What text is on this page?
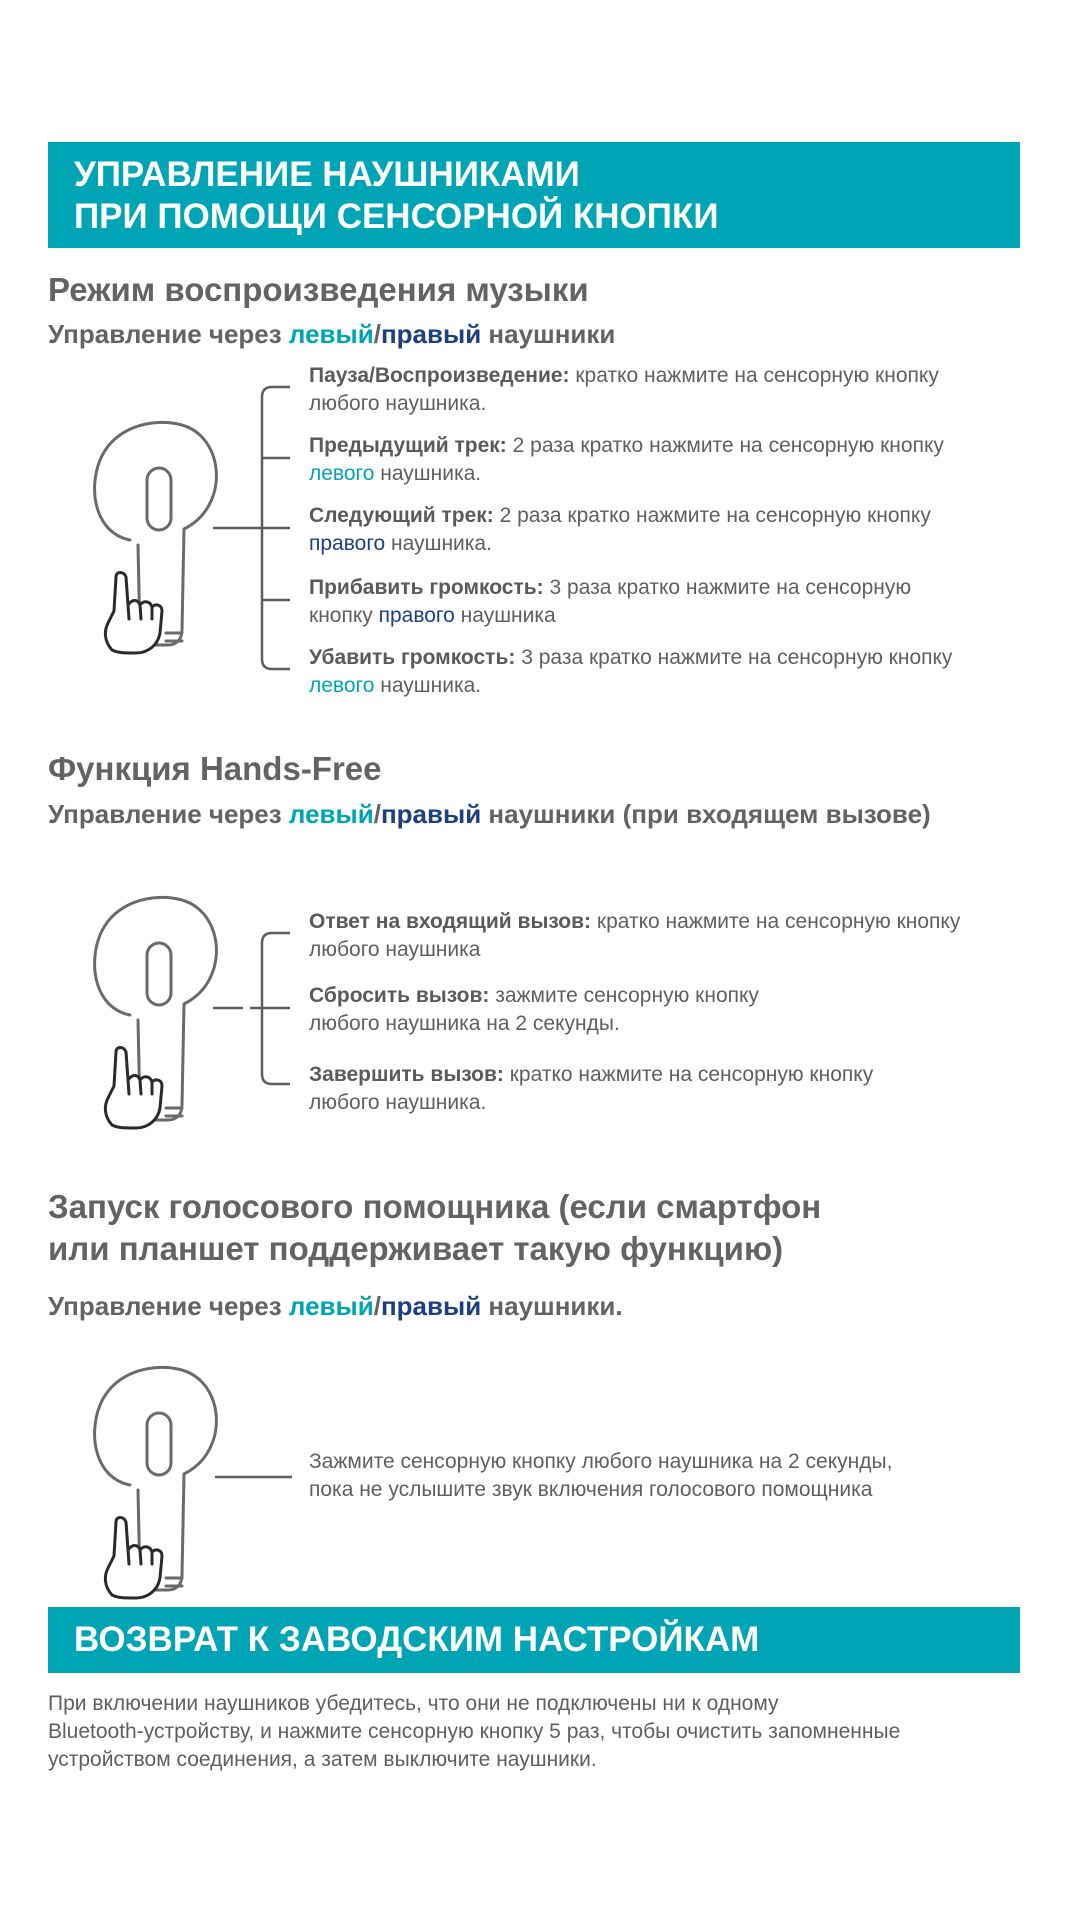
УПРАВЛЕНИЕ НАУШНИКАМИ
ПРИ ПОМОЩИ СЕНСОРНОЙ КНОПКИ
Режим воспроизведения музыки
Управление через левый/правый наушники
Пауза/Воспроизведение: кратко нажмите на сенсорную кнопку
любого наушника.
Предыдущий трек: 2 раза кратко нажмите на сенсорную кнопку
левого наушника.
Следующий трек: 2 раза кратко нажмите на сенсорную кнопку
правого наушника.
Прибавить громкость: 3 раза кратко нажмите на сенсорную
кнопку правого наушника
Убавить громкость: 3 раза кратко нажмите на сенсорную кнопку
левого наушника.
Функция Hands-Free
Управление через левый/правый наушники (при входящем вызове)
Ответ на входящий вызов: кратко нажмите на сенсорную кнопку
любого наушника
Сбросить вызов: зажмите сенсорную кнопку
любого наушника на 2 секунды.
Завершить вызов: кратко нажмите на сенсорную кнопку
любого наушника.
Запуск голосового помощника (если смартфон
или планшет поддерживает такую функцию)
Управление через левый/правый наушники.
Зажмите сенсорную кнопку любого наушника на 2 секунды,
пока не услышите звук включения голосового помощника
ВОЗВРАТ К ЗАВОДСКИМ НАСТРОЙКАМ
При включении наушников убедитесь, что они не подключены ни к одному
Bluetooth-устройству, и нажмите сенсорную кнопку 5 раз, чтобы очистить запомненные
устройством соединения, а затем выключите наушники.
